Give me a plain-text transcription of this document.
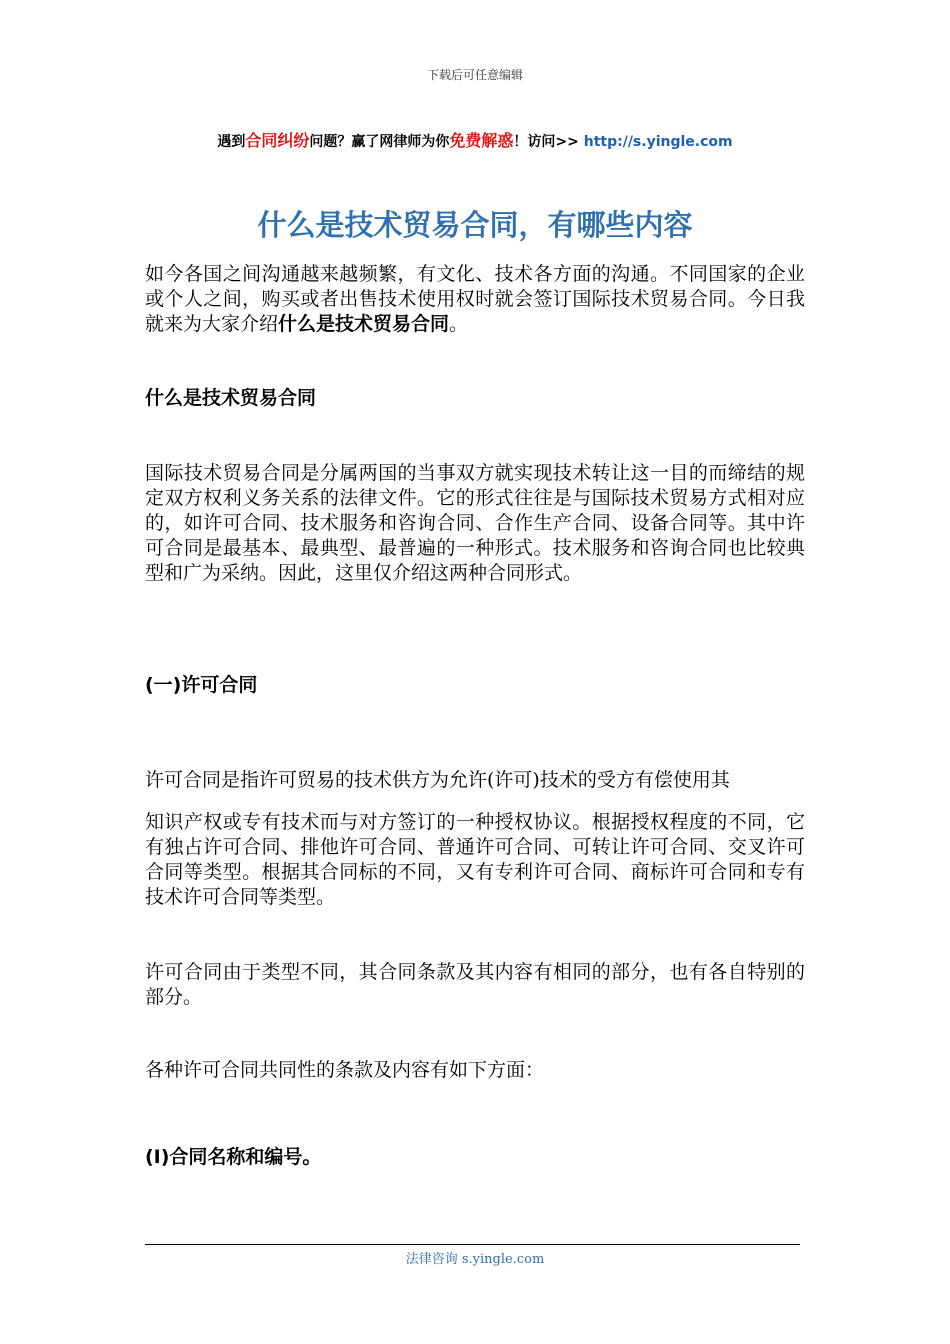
下载后可任意编辑
遇到合同纠纷问题？赢了网律师为你免费解惑！访问>> http://s.yingle.com
什么是技术贸易合同，有哪些内容
如今各国之间沟通越来越频繁，有文化、技术各方面的沟通。不同国家的企业或个人之间，购买或者出售技术使用权时就会签订国际技术贸易合同。今日我就来为大家介绍什么是技术贸易合同。
什么是技术贸易合同
国际技术贸易合同是分属两国的当事双方就实现技术转让这一目的而缔结的规定双方权利义务关系的法律文件。它的形式往往是与国际技术贸易方式相对应的，如许可合同、技术服务和咨询合同、合作生产合同、设备合同等。其中许可合同是最基本、最典型、最普遍的一种形式。技术服务和咨询合同也比较典型和广为采纳。因此，这里仅介绍这两种合同形式。
(一)许可合同
许可合同是指许可贸易的技术供方为允许(许可)技术的受方有偿使用其
知识产权或专有技术而与对方签订的一种授权协议。根据授权程度的不同，它有独占许可合同、排他许可合同、普通许可合同、可转让许可合同、交叉许可合同等类型。根据其合同标的不同，又有专利许可合同、商标许可合同和专有技术许可合同等类型。
许可合同由于类型不同，其合同条款及其内容有相同的部分，也有各自特别的部分。
各种许可合同共同性的条款及内容有如下方面：
(I)合同名称和编号。
法律咨询 s.yingle.com
